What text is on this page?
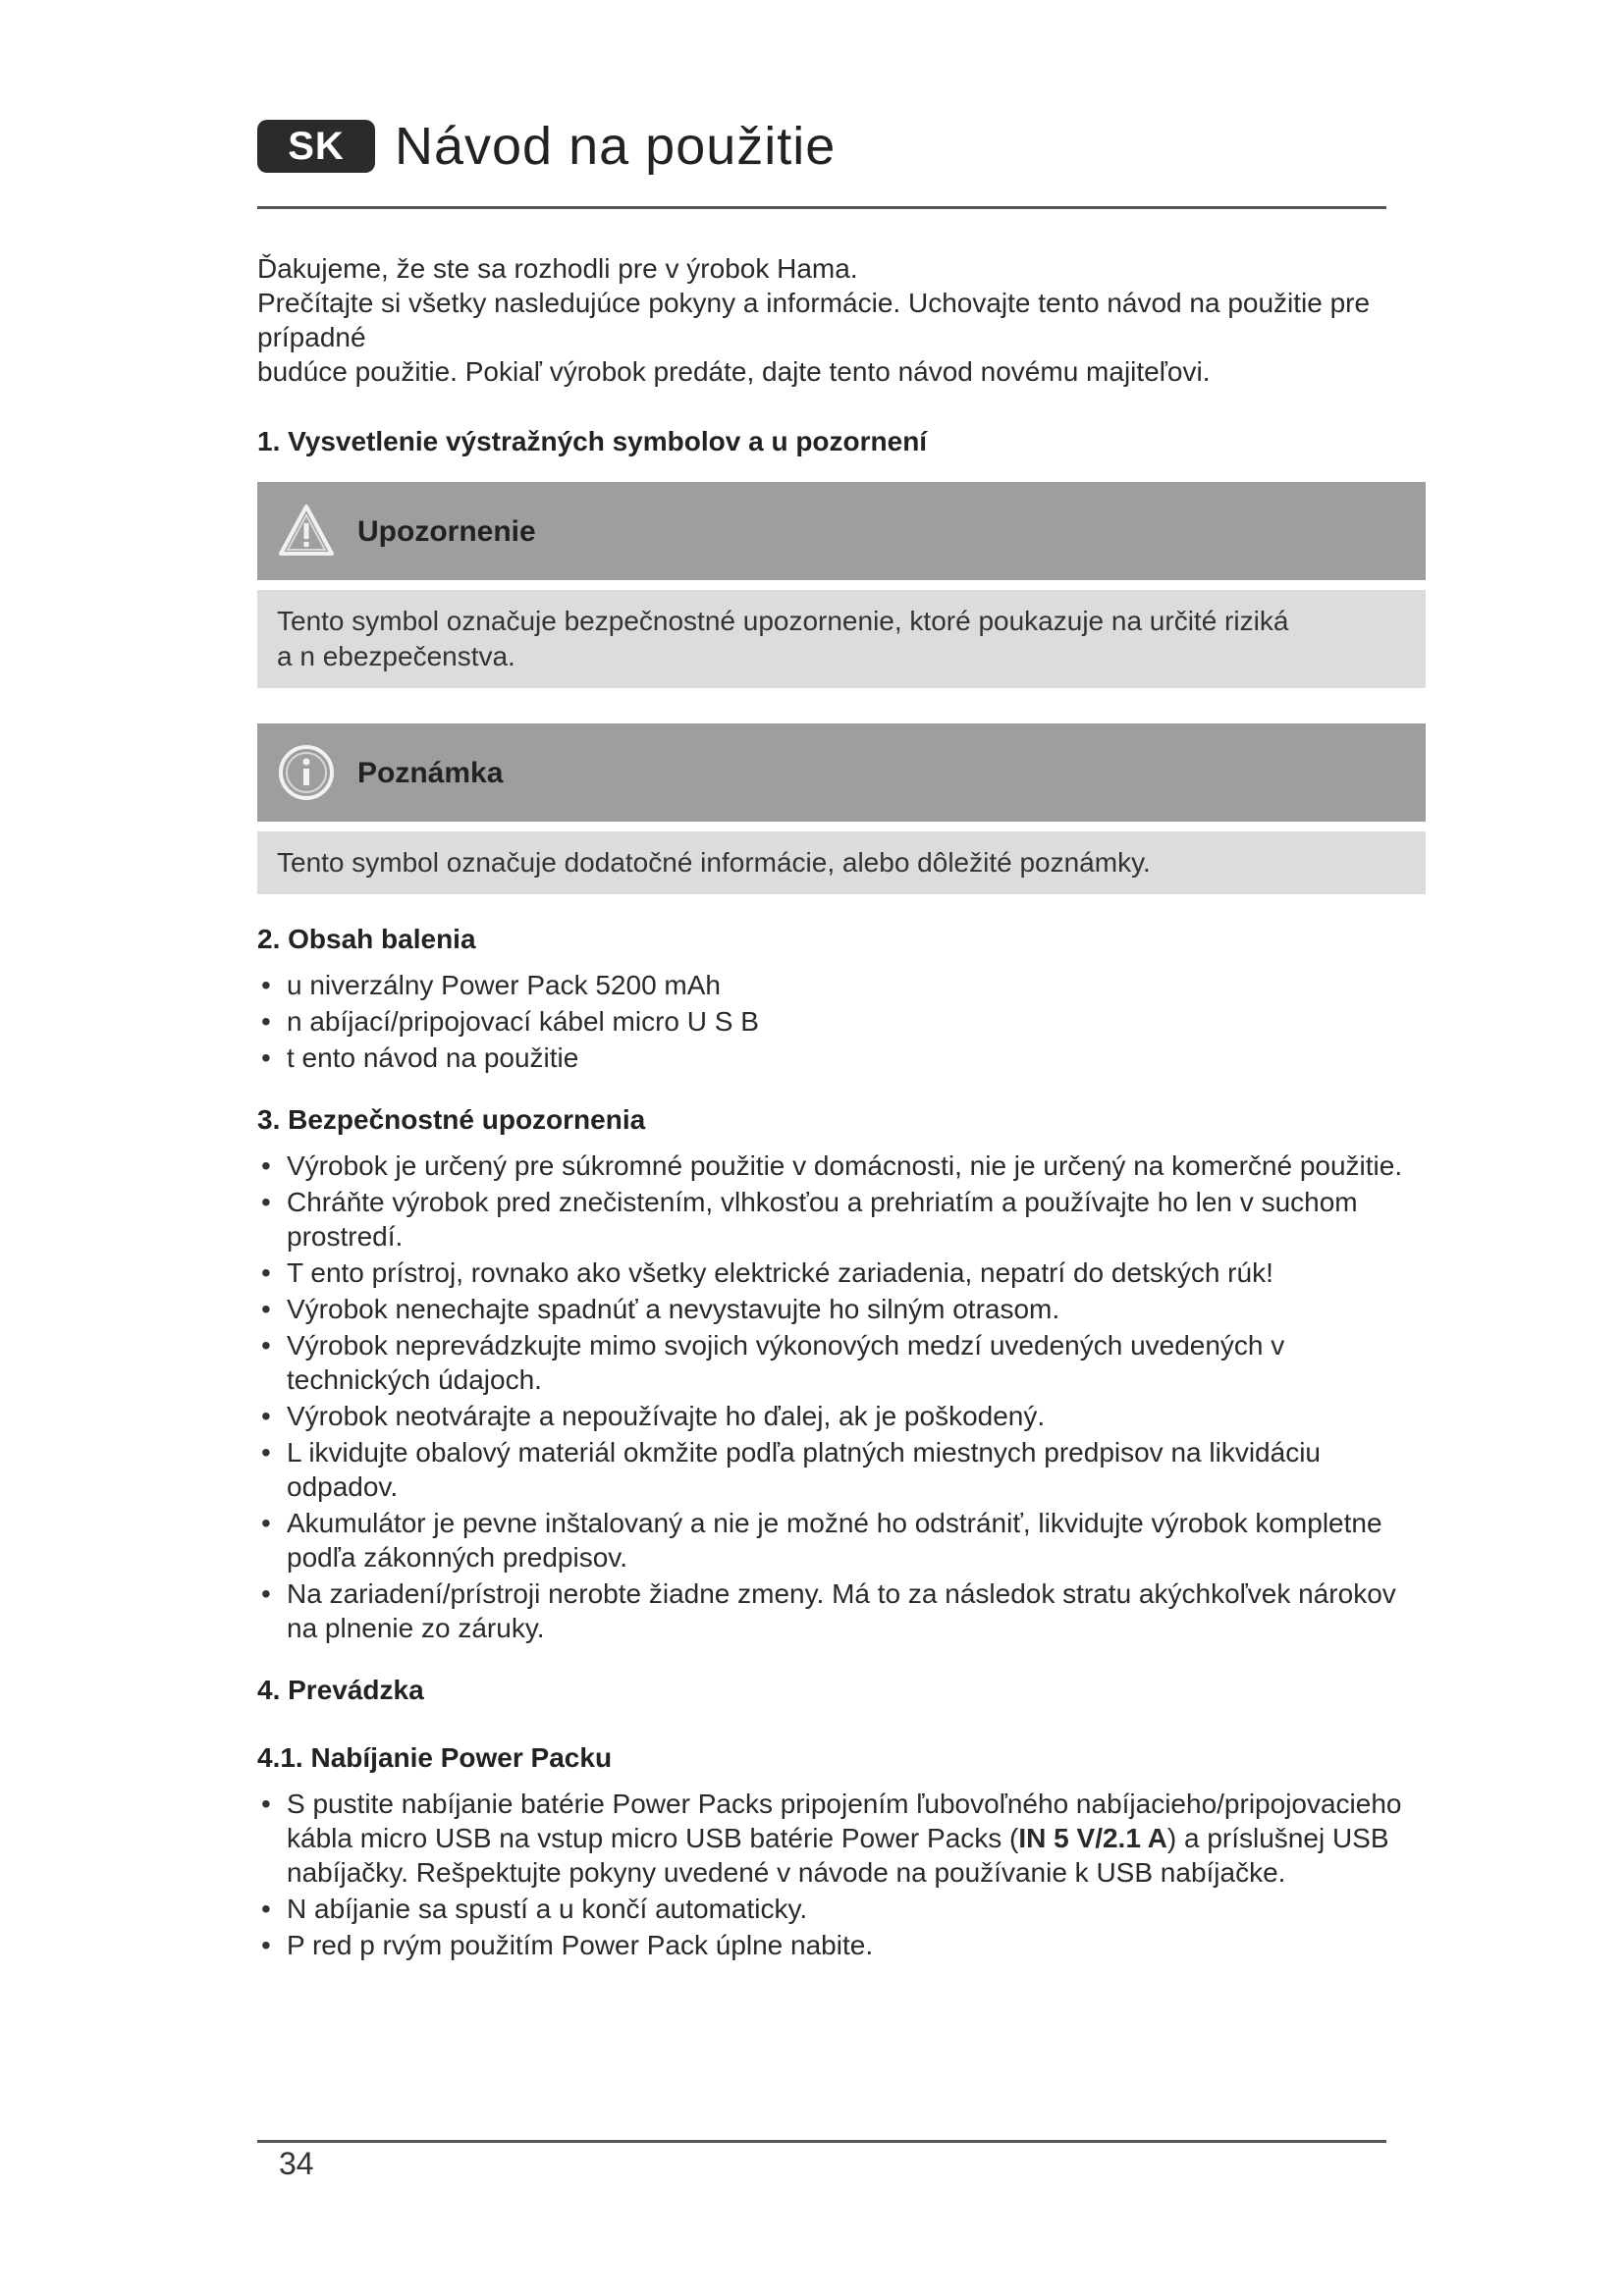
SK Návod na použitie

Ďakujeme, že ste sa rozhodli pre v ýrobok Hama.

Prečítajte si všetky nasledujúce pokyny a informácie. Uchovajte tento návod na použitie pre prípadné

budúce použitie. Pokiaľ výrobok predáte, dajte tento návod novému majiteľovi.

1. Vysvetlenie výstražných symbolov a u pozornení
Upozornenie
Tento symbol označuje bezpečnostné upozornenie, ktoré poukazuje na určité riziká
a n ebezpečenstva.
Poznámka
Tento symbol označuje dodatočné informácie, alebo dôležité poznámky.
2. Obsah balenia
• u niverzálny Power Pack 5200 mAh
• n abíjací/pripojovací kábel micro U S B
• t ento návod na použitie
3. Bezpečnostné upozornenia
• Výrobok je určený pre súkromné použitie v domácnosti, nie je určený na komerčné použitie.
• Chráňte výrobok pred znečistením, vlhkosťou a prehriatím a používajte ho len v suchom prostredí.
• T ento prístroj, rovnako ako všetky elektrické zariadenia, nepatrí do detských rúk!
• Výrobok nenechajte spadnúť a nevystavujte ho silným otrasom.
• Výrobok neprevádzkujte mimo svojich výkonových medzí uvedených uvedených v technických údajoch.
• Výrobok neotvárajte a nepoužívajte ho ďalej, ak je poškodený.
• L ikvidujte obalový materiál okmžite podľa platných miestnych predpisov na likvidáciu odpadov.
• Akumulátor je pevne inštalovaný a nie je možné ho odstrániť, likvidujte výrobok kompletne podľa zákonných predpisov.
• Na zariadení/prístroji nerobte žiadne zmeny. Má to za následok stratu akýchkoľvek nárokov na plnenie zo záruky.
4. Prevádzka
4.1. Nabíjanie Power Packu
• S pustite nabíjanie batérie Power Packs pripojením ľubovoľného nabíjacieho/pripojovacieho kábla micro USB na vstup micro USB batérie Power Packs (IN 5 V/2.1 A) a príslušnej USB nabíjačky. Rešpektujte pokyny uvedené v návode na používanie k USB nabíjačke.
• N abíjanie sa spustí a u končí automaticky.
• P red p rvým použitím Power Pack úplne nabite.
34
